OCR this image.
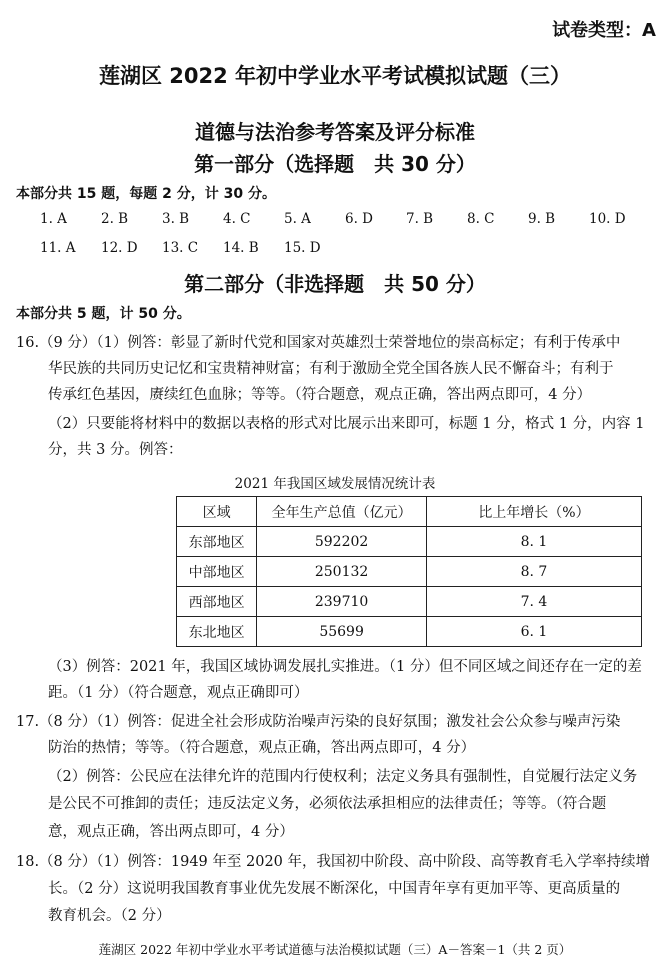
试卷类型：A
莲湖区 2022 年初中学业水平考试模拟试题（三）
道德与法治参考答案及评分标准
第一部分（选择题　共 30 分）
本部分共 15 题，每题 2 分，计 30 分。
1. A	2. B	3. B	4. C	5. A	6. D	7. B	8. C	9. B	10. D
11. A	12. D	13. C	14. B	15. D
第二部分（非选择题　共 50 分）
本部分共 5 题，计 50 分。
16.（9 分）（1）例答：彰显了新时代党和国家对英雄烈士荣誉地位的崇高标定；有利于传承中
华民族的共同历史记忆和宝贵精神财富；有利于激励全党全国各族人民不懈奋斗；有利于
传承红色基因，赓续红色血脉；等等。（符合题意，观点正确，答出两点即可，4 分）
（2）只要能将材料中的数据以表格的形式对比展示出来即可，标题 1 分，格式 1 分，内容 1
分，共 3 分。例答：
2021 年我国区域发展情况统计表
区域	全年生产总值（亿元）	比上年增长（%）
东部地区	592202	8. 1
中部地区	250132	8. 7
西部地区	239710	7. 4
东北地区	55699	6. 1
（3）例答：2021 年，我国区域协调发展扎实推进。（1 分）但不同区域之间还存在一定的差
距。（1 分）（符合题意，观点正确即可）
17.（8 分）（1）例答：促进全社会形成防治噪声污染的良好氛围；激发社会公众参与噪声污染
防治的热情；等等。（符合题意，观点正确，答出两点即可，4 分）
（2）例答：公民应在法律允许的范围内行使权利；法定义务具有强制性，自觉履行法定义务
是公民不可推卸的责任；违反法定义务，必须依法承担相应的法律责任；等等。（符合题
意，观点正确，答出两点即可，4 分）
18.（8 分）（1）例答：1949 年至 2020 年，我国初中阶段、高中阶段、高等教育毛入学率持续增
长。（2 分）这说明我国教育事业优先发展不断深化，中国青年享有更加平等、更高质量的
教育机会。（2 分）
莲湖区 2022 年初中学业水平考试道德与法治模拟试题（三）A－答案－1（共 2 页）
